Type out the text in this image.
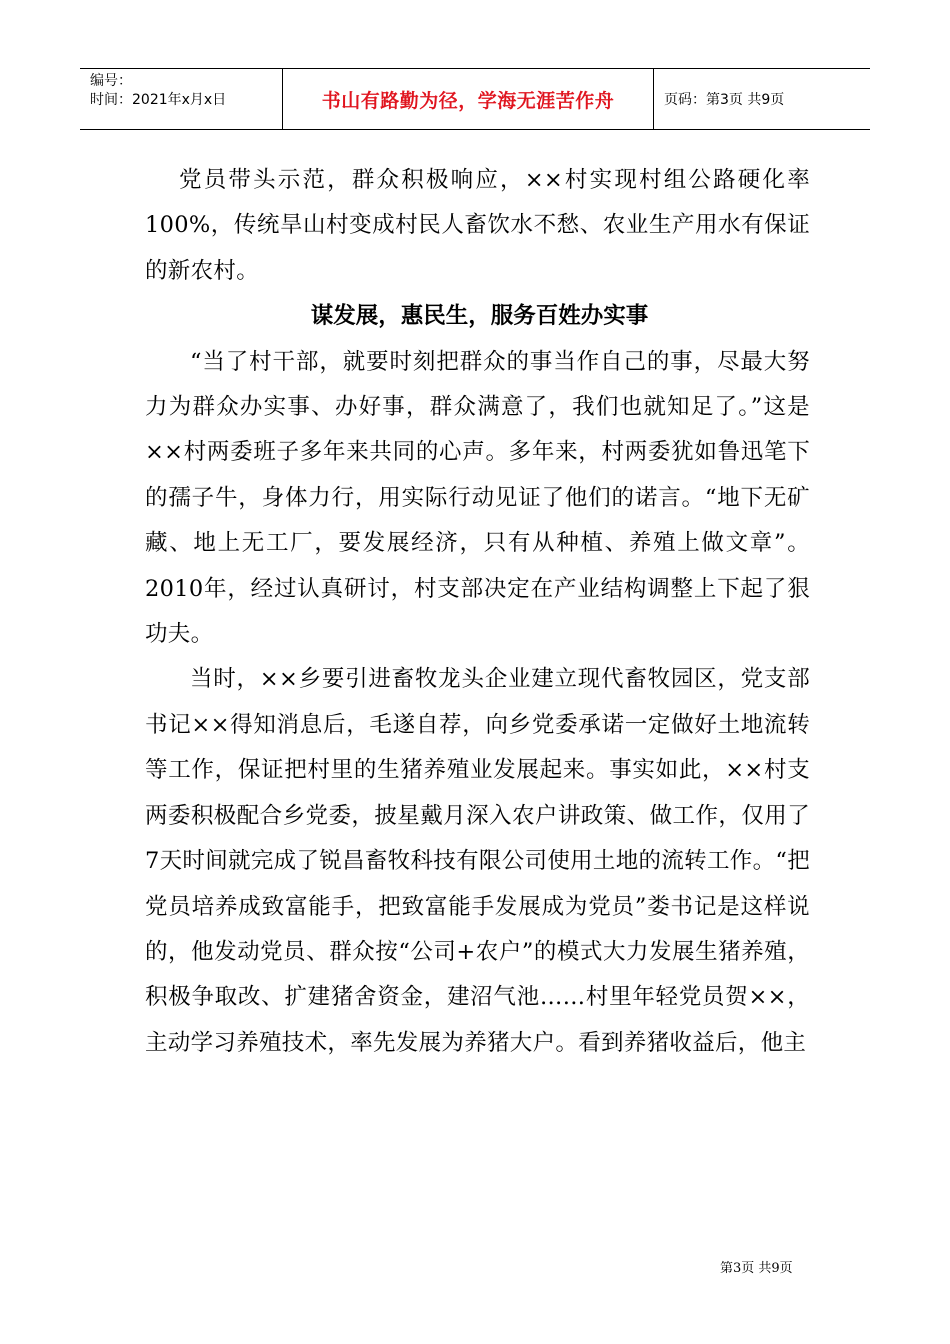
编号：
时间：2021年x月x日	书山有路勤为径，学海无涯苦作舟	页码：第3页 共9页

党员带头示范，群众积极响应，××村实现村组公路硬化率100%，传统旱山村变成村民人畜饮水不愁、农业生产用水有保证的新农村。

谋发展，惠民生，服务百姓办实事

“当了村干部，就要时刻把群众的事当作自己的事，尽最大努力为群众办实事、办好事，群众满意了，我们也就知足了。”这是××村两委班子多年来共同的心声。多年来，村两委犹如鲁迅笔下的孺子牛，身体力行，用实际行动见证了他们的诺言。“地下无矿藏、地上无工厂，要发展经济，只有从种植、养殖上做文章”。2010年，经过认真研讨，村支部决定在产业结构调整上下起了狠功夫。

当时，××乡要引进畜牧龙头企业建立现代畜牧园区，党支部书记××得知消息后，毛遂自荐，向乡党委承诺一定做好土地流转等工作，保证把村里的生猪养殖业发展起来。事实如此，××村支两委积极配合乡党委，披星戴月深入农户讲政策、做工作，仅用了7天时间就完成了锐昌畜牧科技有限公司使用土地的流转工作。“把党员培养成致富能手，把致富能手发展成为党员”娄书记是这样说的，他发动党员、群众按“公司+农户”的模式大力发展生猪养殖，积极争取改、扩建猪舍资金，建沼气池……村里年轻党员贺××，主动学习养殖技术，率先发展为养猪大户。看到养猪收益后，他主

第3页 共9页
